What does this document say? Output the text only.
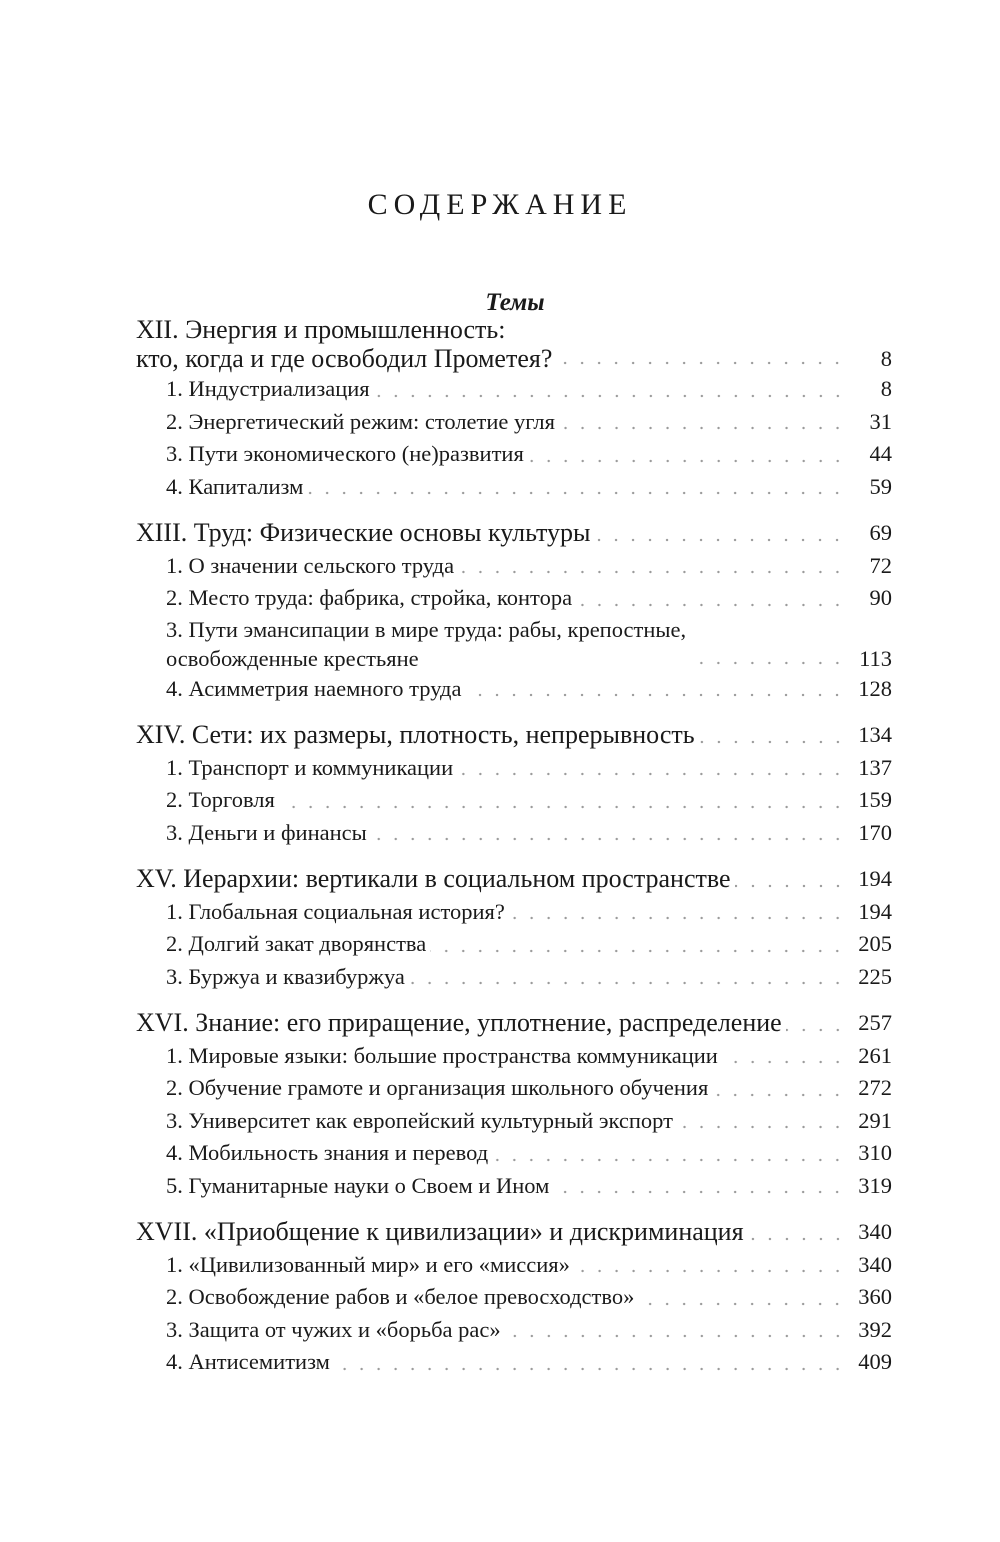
СОДЕРЖАНИЕ
Темы
XII. Энергия и промышленность:
кто, когда и где освободил Прометея?	8
1. Индустриализация	8
2. Энергетический режим: столетие угля	31
3. Пути экономического (не)развития	44
4. Капитализм	59
XIII. Труд: Физические основы культуры	69
1. О значении сельского труда	72
2. Место труда: фабрика, стройка, контора	90
3. Пути эмансипации в мире труда: рабы, крепостные,
освобожденные крестьяне	113
4. Асимметрия наемного труда	128
XIV. Сети: их размеры, плотность, непрерывность	134
1. Транспорт и коммуникации	137
2. Торговля	159
3. Деньги и финансы	170
XV. Иерархии: вертикали в социальном пространстве	194
1. Глобальная социальная история?	194
2. Долгий закат дворянства	205
3. Буржуа и квазибуржуа	225
XVI. Знание: его приращение, уплотнение, распределение	257
1. Мировые языки: большие пространства коммуникации	261
2. Обучение грамоте и организация школьного обучения	272
3. Университет как европейский культурный экспорт	291
4. Мобильность знания и перевод	310
5. Гуманитарные науки о Своем и Ином	319
XVII. «Приобщение к цивилизации» и дискриминация	340
1. «Цивилизованный мир» и его «миссия»	340
2. Освобождение рабов и «белое превосходство»	360
3. Защита от чужих и «борьба рас»	392
4. Антисемитизм	409
